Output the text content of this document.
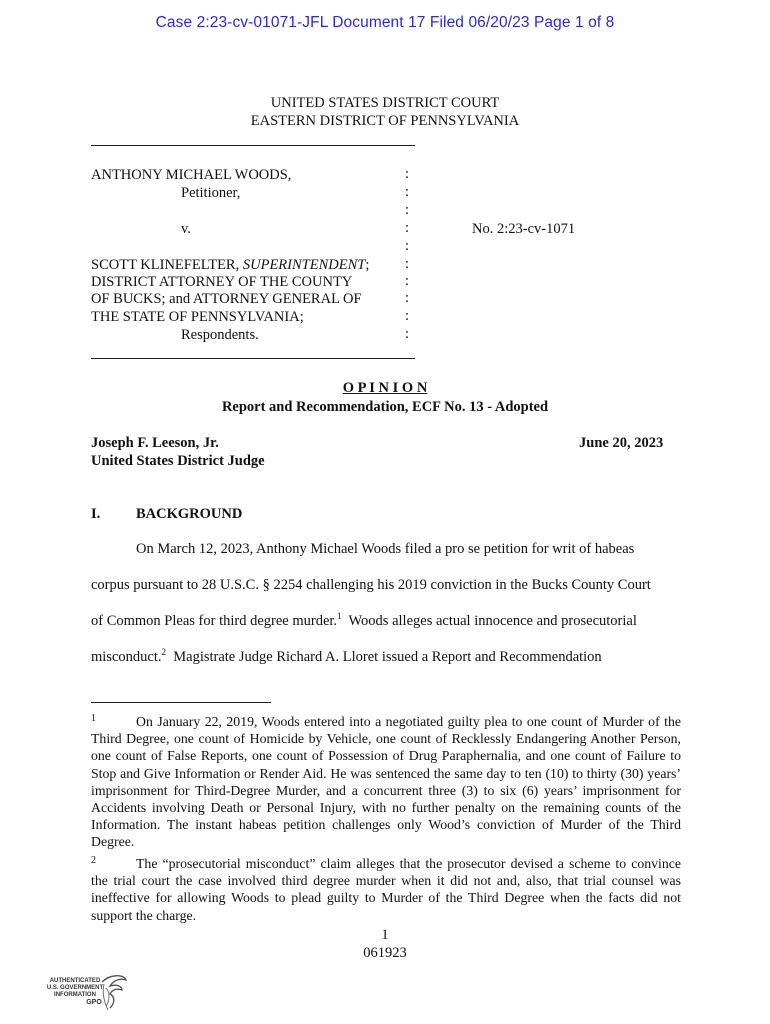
Case 2:23-cv-01071-JFL Document 17 Filed 06/20/23 Page 1 of 8
UNITED STATES DISTRICT COURT
EASTERN DISTRICT OF PENNSYLVANIA
ANTHONY MICHAEL WOODS,
Petitioner,
v.
SCOTT KLINEFELTER, SUPERINTENDENT;
DISTRICT ATTORNEY OF THE COUNTY
OF BUCKS; and ATTORNEY GENERAL OF
THE STATE OF PENNSYLVANIA;
Respondents.
:
:
:
:
:
:
:
:
:
:
No. 2:23-cv-1071
O P I N I O N
Report and Recommendation, ECF No. 13 - Adopted
Joseph F. Leeson, Jr.
United States District Judge
June 20, 2023
I. BACKGROUND
On March 12, 2023, Anthony Michael Woods filed a pro se petition for writ of habeas
corpus pursuant to 28 U.S.C. § 2254 challenging his 2019 conviction in the Bucks County Court
of Common Pleas for third degree murder.$^1$  Woods alleges actual innocence and prosecutorial
misconduct.$^2$  Magistrate Judge Richard A. Lloret issued a Report and Recommendation
1	On January 22, 2019, Woods entered into a negotiated guilty plea to one count of Murder of the Third Degree, one count of Homicide by Vehicle, one count of Recklessly Endangering Another Person, one count of False Reports, one count of Possession of Drug Paraphernalia, and one count of Failure to Stop and Give Information or Render Aid. He was sentenced the same day to ten (10) to thirty (30) years’ imprisonment for Third-Degree Murder, and a concurrent three (3) to six (6) years’ imprisonment for Accidents involving Death or Personal Injury, with no further penalty on the remaining counts of the Information. The instant habeas petition challenges only Wood’s conviction of Murder of the Third Degree.
2	The “prosecutorial misconduct” claim alleges that the prosecutor devised a scheme to convince the trial court the case involved third degree murder when it did not and, also, that trial counsel was ineffective for allowing Woods to plead guilty to Murder of the Third Degree when the facts did not support the charge.
1
061923
AUTHENTICATED
U.S. GOVERNMENT
INFORMATION
GPO
